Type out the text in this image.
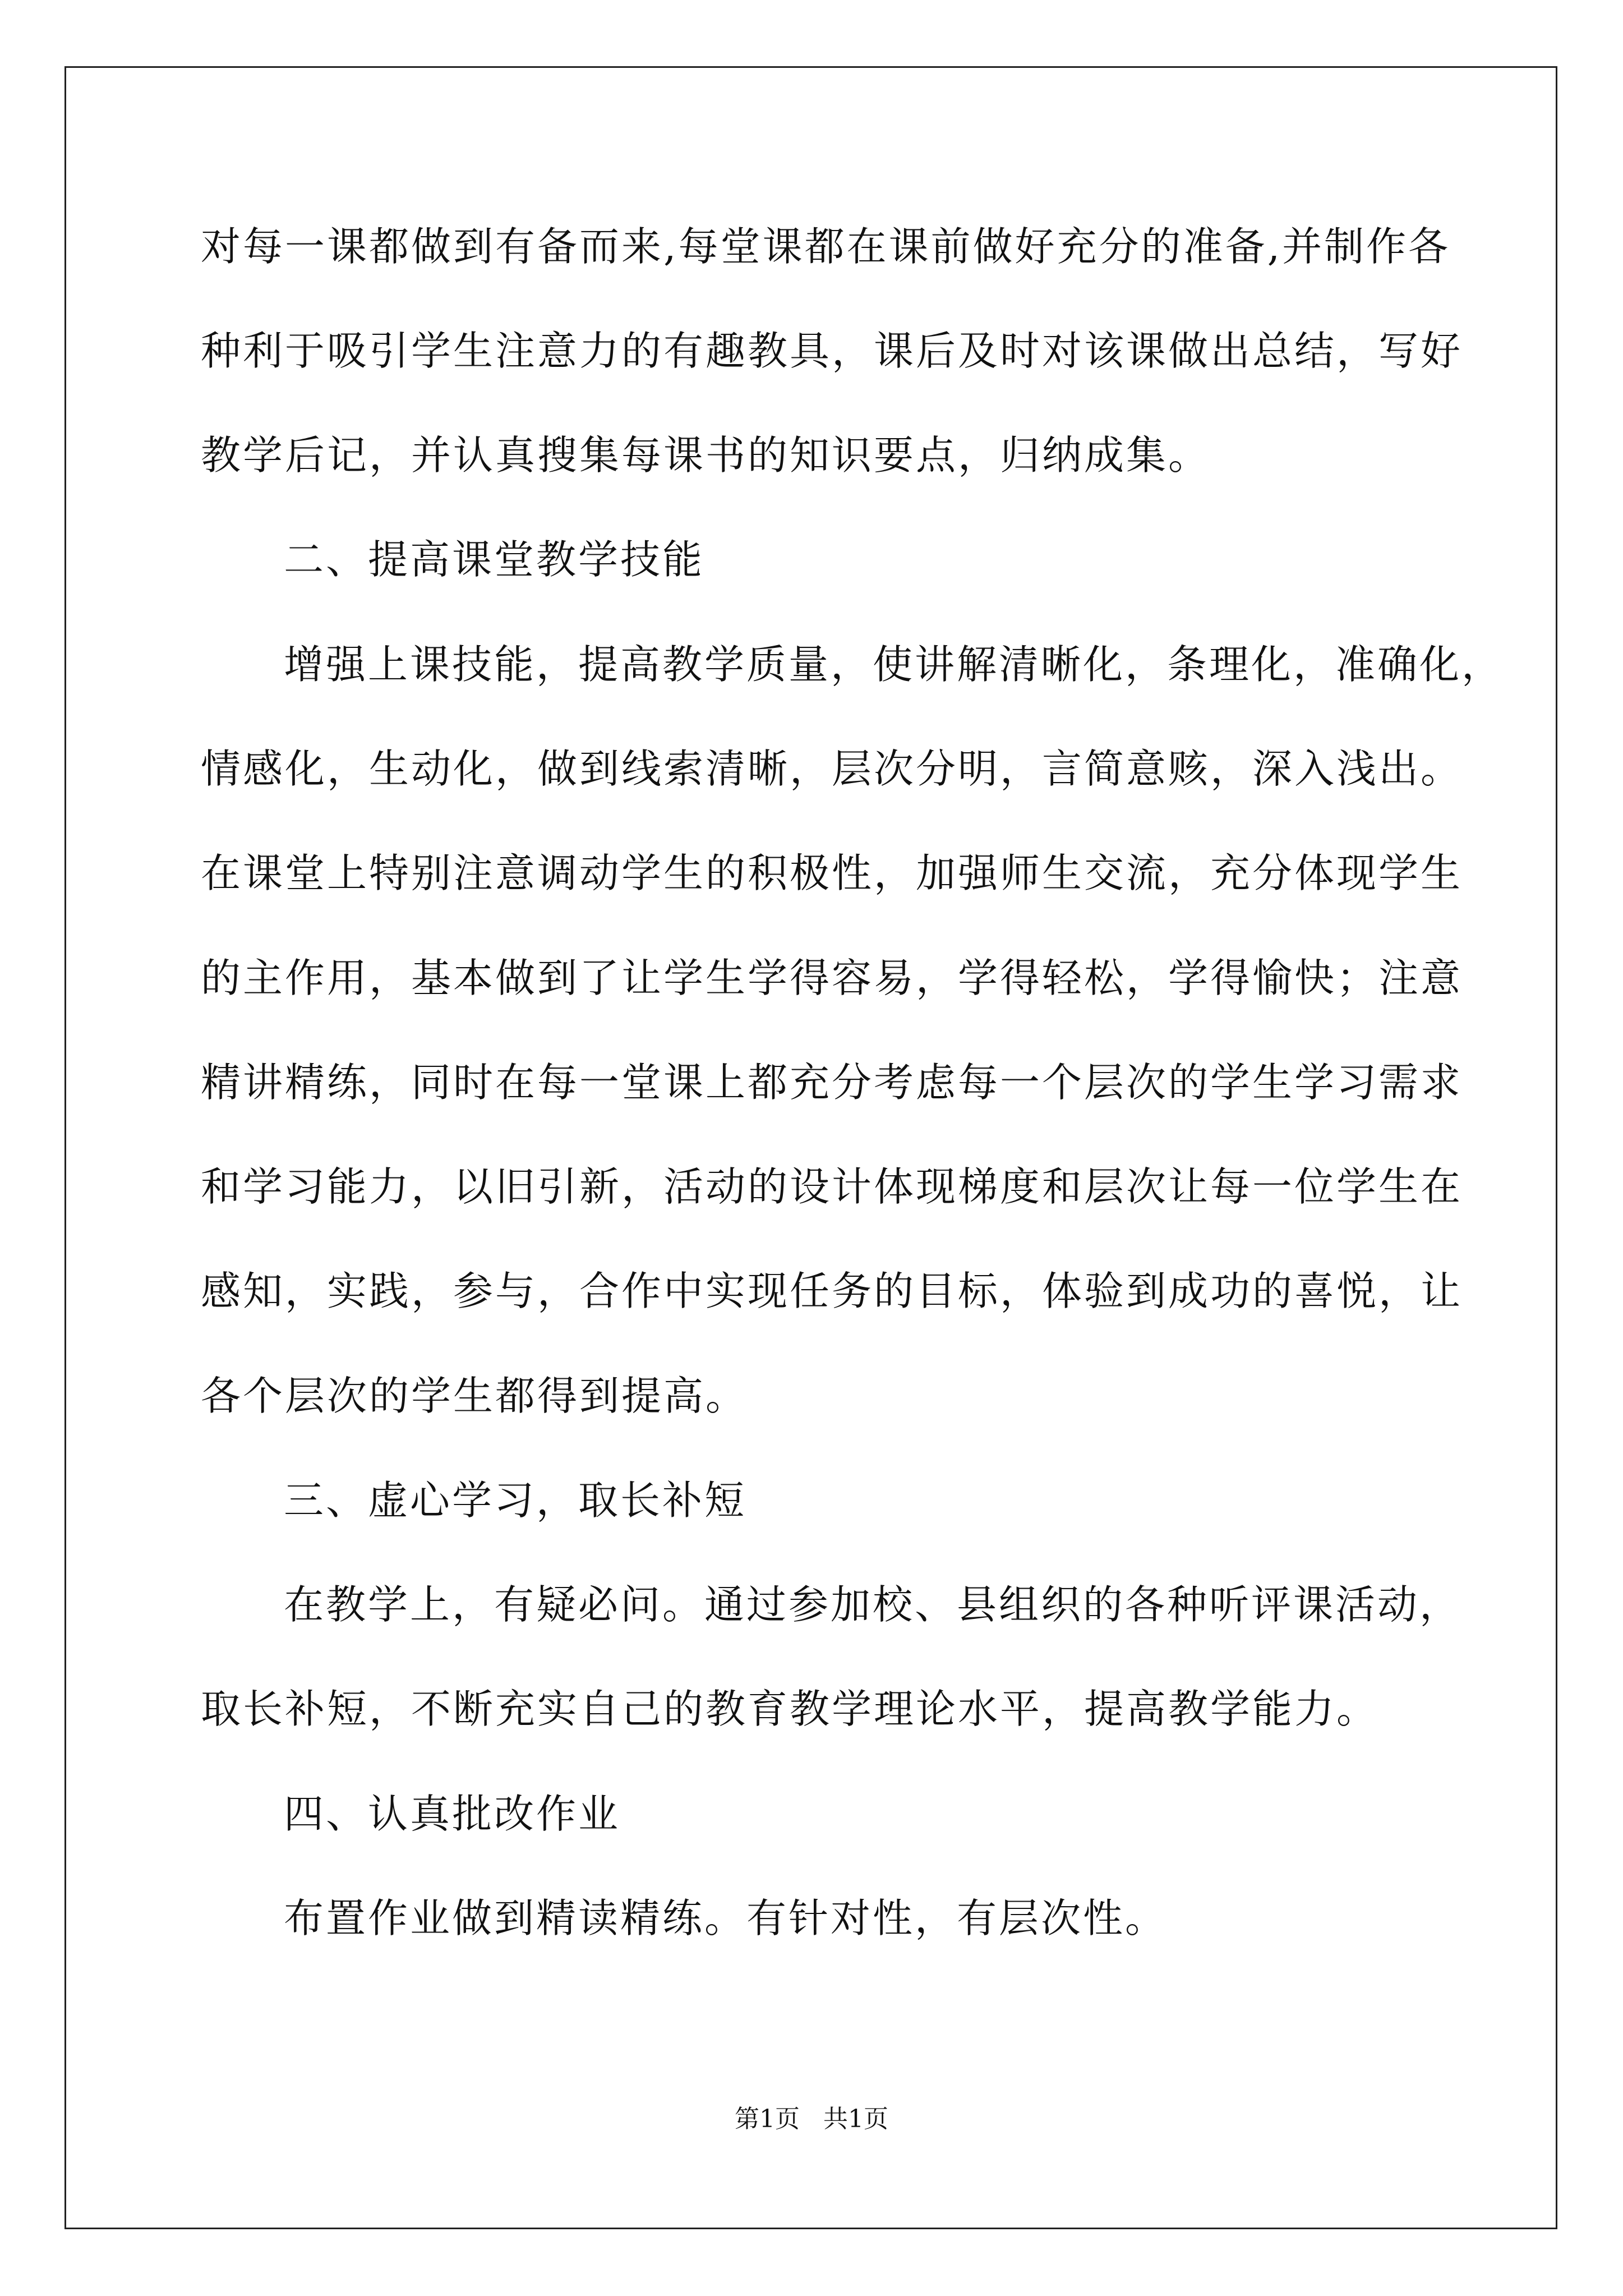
对每一课都做到有备而来,每堂课都在课前做好充分的准备,并制作各
种利于吸引学生注意力的有趣教具，课后及时对该课做出总结，写好
教学后记，并认真搜集每课书的知识要点，归纳成集。
二、提高课堂教学技能
增强上课技能，提高教学质量，使讲解清晰化，条理化，准确化，
情感化，生动化，做到线索清晰，层次分明，言简意赅，深入浅出。
在课堂上特别注意调动学生的积极性，加强师生交流，充分体现学生
的主作用，基本做到了让学生学得容易，学得轻松，学得愉快；注意
精讲精练，同时在每一堂课上都充分考虑每一个层次的学生学习需求
和学习能力，以旧引新，活动的设计体现梯度和层次让每一位学生在
感知，实践，参与，合作中实现任务的目标，体验到成功的喜悦，让
各个层次的学生都得到提高。
三、虚心学习，取长补短
在教学上，有疑必问。通过参加校、县组织的各种听评课活动，
取长补短，不断充实自己的教育教学理论水平，提高教学能力。
四、认真批改作业
布置作业做到精读精练。有针对性，有层次性。
第1页   共1页
